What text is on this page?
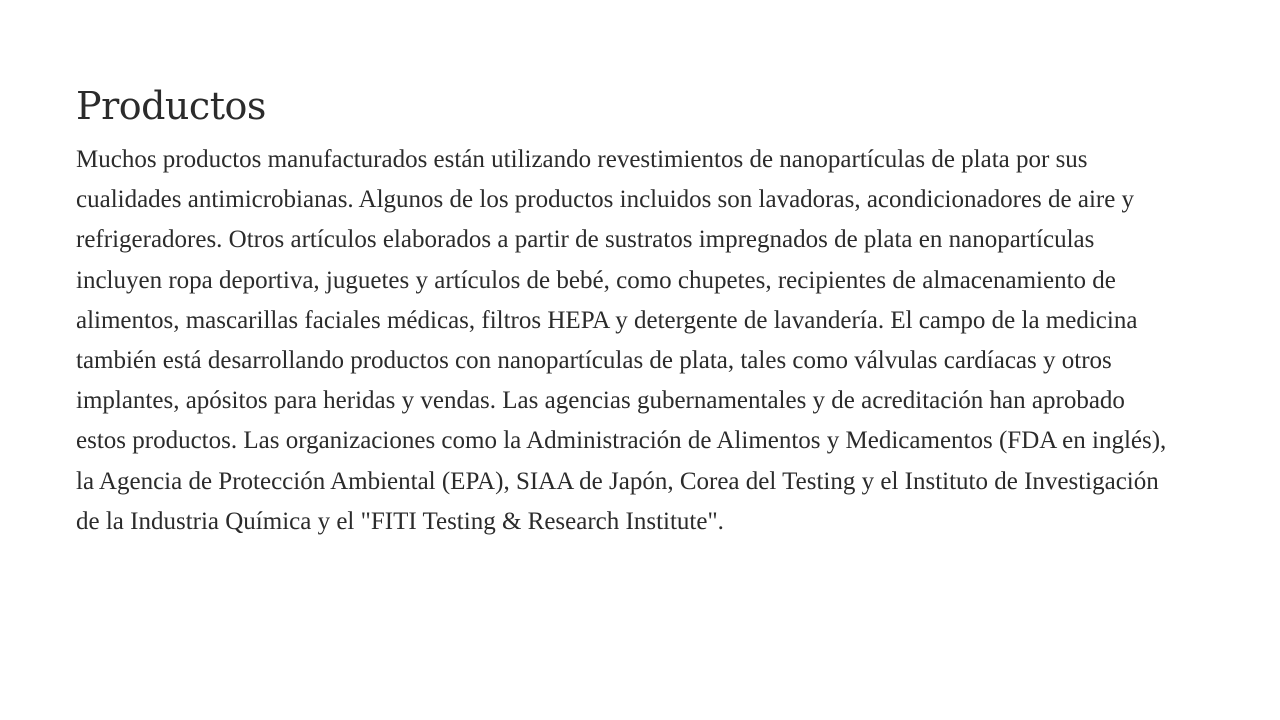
Productos

Muchos productos manufacturados están utilizando revestimientos de nanopartículas de plata por sus cualidades antimicrobianas. Algunos de los productos incluidos son lavadoras, acondicionadores de aire y refrigeradores. Otros artículos elaborados a partir de sustratos impregnados de plata en nanopartículas incluyen ropa deportiva, juguetes y artículos de bebé, como chupetes, recipientes de almacenamiento de alimentos, mascarillas faciales médicas, filtros HEPA y detergente de lavandería. El campo de la medicina también está desarrollando productos con nanopartículas de plata, tales como válvulas cardíacas y otros implantes, apósitos para heridas y vendas. Las agencias gubernamentales y de acreditación han aprobado estos productos. Las organizaciones como la Administración de Alimentos y Medicamentos (FDA en inglés), la Agencia de Protección Ambiental (EPA), SIAA de Japón, Corea del Testing y el Instituto de Investigación de la Industria Química y el "FITI Testing & Research Institute".
